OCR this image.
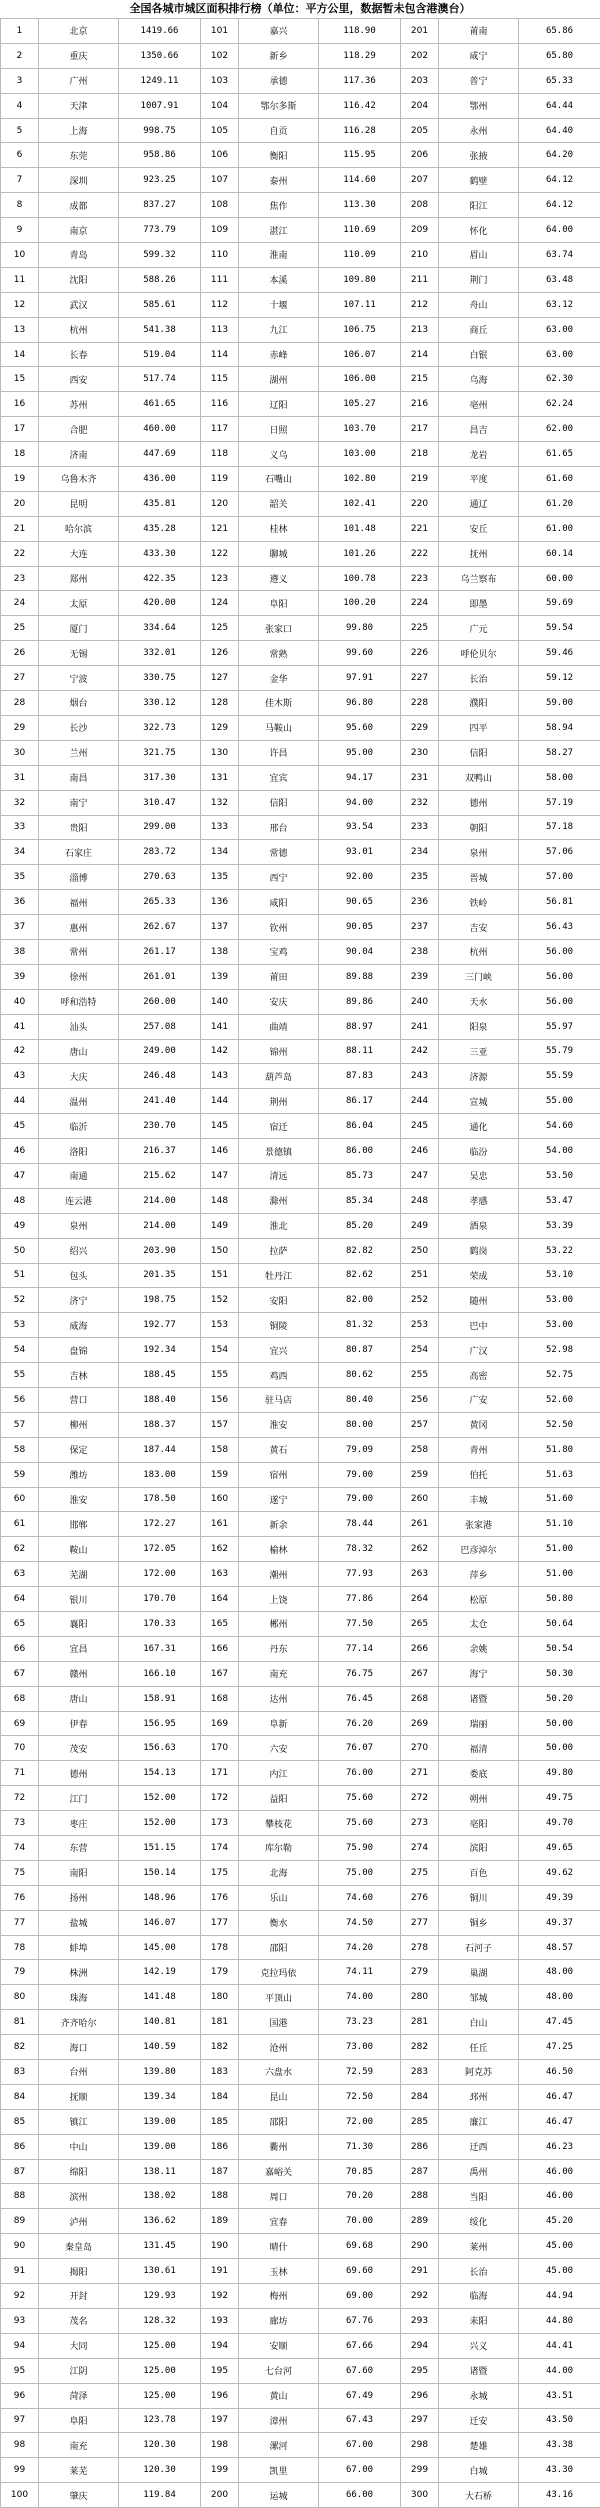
全国各城市城区面积排行榜（单位：平方公里，数据暂未包含港澳台）
1	北京	1419.66	101	嘉兴	118.90	201	莆南	65.86
2	重庆	1350.66	102	新乡	118.29	202	咸宁	65.80
3	广州	1249.11	103	承德	117.36	203	普宁	65.33
4	天津	1007.91	104	鄂尔多斯	116.42	204	鄂州	64.44
5	上海	998.75	105	自贡	116.28	205	永州	64.40
6	东莞	958.86	106	衡阳	115.95	206	张掖	64.20
7	深圳	923.25	107	泰州	114.60	207	鹤壁	64.12
8	成都	837.27	108	焦作	113.30	208	阳江	64.12
9	南京	773.79	109	湛江	110.69	209	怀化	64.00
10	青岛	599.32	110	淮南	110.09	210	眉山	63.74
11	沈阳	588.26	111	本溪	109.80	211	荆门	63.48
12	武汉	585.61	112	十堰	107.11	212	舟山	63.12
13	杭州	541.38	113	九江	106.75	213	商丘	63.00
14	长春	519.04	114	赤峰	106.07	214	白银	63.00
15	西安	517.74	115	湖州	106.00	215	乌海	62.30
16	苏州	461.65	116	辽阳	105.27	216	亳州	62.24
17	合肥	460.00	117	日照	103.70	217	昌吉	62.00
18	济南	447.69	118	义乌	103.00	218	龙岩	61.65
19	乌鲁木齐	436.00	119	石嘴山	102.80	219	平度	61.60
20	昆明	435.81	120	韶关	102.41	220	通辽	61.20
21	哈尔滨	435.28	121	桂林	101.48	221	安丘	61.00
22	大连	433.30	122	聊城	101.26	222	抚州	60.14
23	郑州	422.35	123	遵义	100.78	223	乌兰察布	60.00
24	太原	420.00	124	阜阳	100.20	224	即墨	59.69
25	厦门	334.64	125	张家口	99.80	225	广元	59.54
26	无锡	332.01	126	常熟	99.60	226	呼伦贝尔	59.46
27	宁波	330.75	127	金华	97.91	227	长治	59.12
28	烟台	330.12	128	佳木斯	96.80	228	濮阳	59.00
29	长沙	322.73	129	马鞍山	95.60	229	四平	58.94
30	兰州	321.75	130	许昌	95.00	230	信阳	58.27
31	南昌	317.30	131	宜宾	94.17	231	双鸭山	58.00
32	南宁	310.47	132	信阳	94.00	232	德州	57.19
33	贵阳	299.00	133	邢台	93.54	233	朝阳	57.18
34	石家庄	283.72	134	常德	93.01	234	泉州	57.06
35	淄博	270.63	135	西宁	92.00	235	晋城	57.00
36	福州	265.33	136	咸阳	90.65	236	铁岭	56.81
37	惠州	262.67	137	钦州	90.05	237	吉安	56.43
38	常州	261.17	138	宝鸡	90.04	238	杭州	56.00
39	徐州	261.01	139	莆田	89.88	239	三门峡	56.00
40	呼和浩特	260.00	140	安庆	89.86	240	天水	56.00
41	汕头	257.08	141	曲靖	88.97	241	阳泉	55.97
42	唐山	249.00	142	锦州	88.11	242	三亚	55.79
43	大庆	246.48	143	葫芦岛	87.83	243	济源	55.59
44	温州	241.40	144	荆州	86.17	244	宣城	55.00
45	临沂	230.70	145	宿迁	86.04	245	通化	54.60
46	洛阳	216.37	146	景德镇	86.00	246	临汾	54.00
47	南通	215.62	147	清远	85.73	247	吴忠	53.50
48	连云港	214.00	148	滁州	85.34	248	孝感	53.47
49	泉州	214.00	149	淮北	85.20	249	酒泉	53.39
50	绍兴	203.90	150	拉萨	82.82	250	鹤岗	53.22
51	包头	201.35	151	牡丹江	82.62	251	荣成	53.10
52	济宁	198.75	152	安阳	82.00	252	随州	53.00
53	威海	192.77	153	铜陵	81.32	253	巴中	53.00
54	盘锦	192.34	154	宜兴	80.87	254	广汉	52.98
55	吉林	188.45	155	鸡西	80.62	255	高密	52.75
56	营口	188.40	156	驻马店	80.40	256	广安	52.60
57	柳州	188.37	157	淮安	80.00	257	黄冈	52.50
58	保定	187.44	158	黄石	79.09	258	青州	51.80
59	潍坊	183.00	159	宿州	79.00	259	伯托	51.63
60	淮安	178.50	160	遂宁	79.00	260	丰城	51.60
61	邯郸	172.27	161	新余	78.44	261	张家港	51.10
62	鞍山	172.05	162	榆林	78.32	262	巴彦淖尔	51.00
63	芜湖	172.00	163	潮州	77.93	263	萍乡	51.00
64	银川	170.70	164	上饶	77.86	264	松原	50.80
65	襄阳	170.33	165	郴州	77.50	265	太仓	50.64
66	宜昌	167.31	166	丹东	77.14	266	余姚	50.54
67	赣州	166.10	167	南充	76.75	267	海宁	50.30
68	唐山	158.91	168	达州	76.45	268	诸暨	50.20
69	伊春	156.95	169	阜新	76.20	269	瑞丽	50.00
70	茂安	156.63	170	六安	76.07	270	福清	50.00
71	德州	154.13	171	内江	76.00	271	娄底	49.80
72	江门	152.00	172	益阳	75.60	272	朔州	49.75
73	枣庄	152.00	173	攀枝花	75.60	273	亳阳	49.70
74	东营	151.15	174	库尔勒	75.90	274	滨阳	49.65
75	南阳	150.14	175	北海	75.00	275	百色	49.62
76	扬州	148.96	176	乐山	74.60	276	铜川	49.39
77	盐城	146.07	177	衡水	74.50	277	铜乡	49.37
78	蚌埠	145.00	178	邵阳	74.20	278	石河子	48.57
79	株洲	142.19	179	克拉玛依	74.11	279	巢湖	48.00
80	珠海	141.48	180	平顶山	74.00	280	邹城	48.00
81	齐齐哈尔	140.81	181	国港	73.23	281	白山	47.45
82	海口	140.59	182	沧州	73.00	282	任丘	47.25
83	台州	139.80	183	六盘水	72.59	283	阿克苏	46.50
84	抚顺	139.34	184	昆山	72.50	284	邳州	46.47
85	镇江	139.00	185	邵阳	72.00	285	廉江	46.47
86	中山	139.00	186	衢州	71.30	286	迁西	46.23
87	绵阳	138.11	187	嘉峪关	70.85	287	禹州	46.00
88	滨州	138.02	188	周口	70.20	288	当阳	46.00
89	泸州	136.62	189	宜春	70.00	289	绥化	45.20
90	秦皇岛	131.45	190	晴什	69.68	290	莱州	45.00
91	揭阳	130.61	191	玉林	69.60	291	长治	45.00
92	开封	129.93	192	梅州	69.00	292	临海	44.94
93	茂名	128.32	193	廊坊	67.76	293	耒阳	44.80
94	大同	125.00	194	安顺	67.66	294	兴义	44.41
95	江阴	125.00	195	七台河	67.60	295	诸暨	44.00
96	菏泽	125.00	196	黄山	67.49	296	永城	43.51
97	阜阳	123.78	197	漳州	67.43	297	迁安	43.50
98	南充	120.30	198	漯河	67.00	298	楚雄	43.38
99	莱芜	120.30	199	凯里	67.00	299	白城	43.30
100	肇庆	119.84	200	运城	66.00	300	大石桥	43.16
